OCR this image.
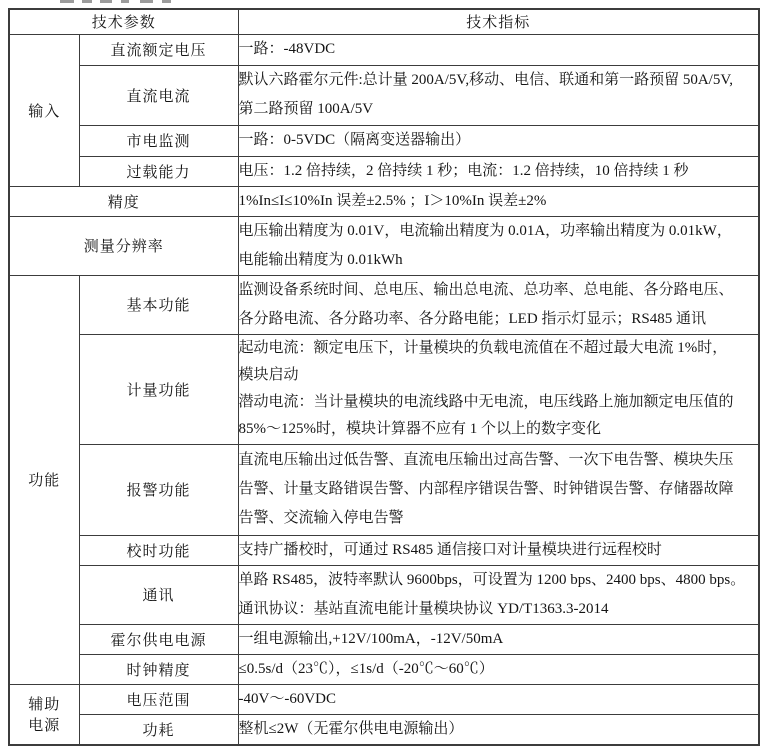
技术参数		技术指标
输入	直流额定电压	一路：-48VDC

	直流电流	默认六路霍尔元件:总计量 200A/5V,移动、电信、联通和第一路预留 50A/5V,
第二路预留 100A/5V

	市电监测	一路：0-5VDC（隔离变送器输出）

	过载能力	电压：1.2 倍持续，2 倍持续 1 秒；电流：1.2 倍持续，10 倍持续 1 秒

精度		1%In≤I≤10%In 误差±2.5% ；I＞10%In 误差±2%

测量分辨率		电压输出精度为 0.01V，电流输出精度为 0.01A，功率输出精度为 0.01kW，
电能输出精度为 0.01kWh

功能	基本功能	监测设备系统时间、总电压、输出总电流、总功率、总电能、各分路电压、
各分路电流、各分路功率、各分路电能；LED 指示灯显示；RS485 通讯

	计量功能	起动电流：额定电压下，计量模块的负载电流值在不超过最大电流 1%时，
模块启动
潜动电流：当计量模块的电流线路中无电流，电压线路上施加额定电压值的
85%～125%时，模块计算器不应有 1 个以上的数字变化

	报警功能	直流电压输出过低告警、直流电压输出过高告警、一次下电告警、模块失压
告警、计量支路错误告警、内部程序错误告警、时钟错误告警、存储器故障
告警、交流输入停电告警

	校时功能	支持广播校时，可通过 RS485 通信接口对计量模块进行远程校时

	通讯	单路 RS485，波特率默认 9600bps，可设置为 1200 bps、2400 bps、4800 bps。
通讯协议：基站直流电能计量模块协议 YD/T1363.3-2014

	霍尔供电电源	一组电源输出,+12V/100mA，-12V/50mA

	时钟精度	≤0.5s/d（23℃），≤1s/d（-20℃～60℃）

辅助
电源	电压范围	-40V～-60VDC

	功耗	整机≤2W（无霍尔供电电源输出）
